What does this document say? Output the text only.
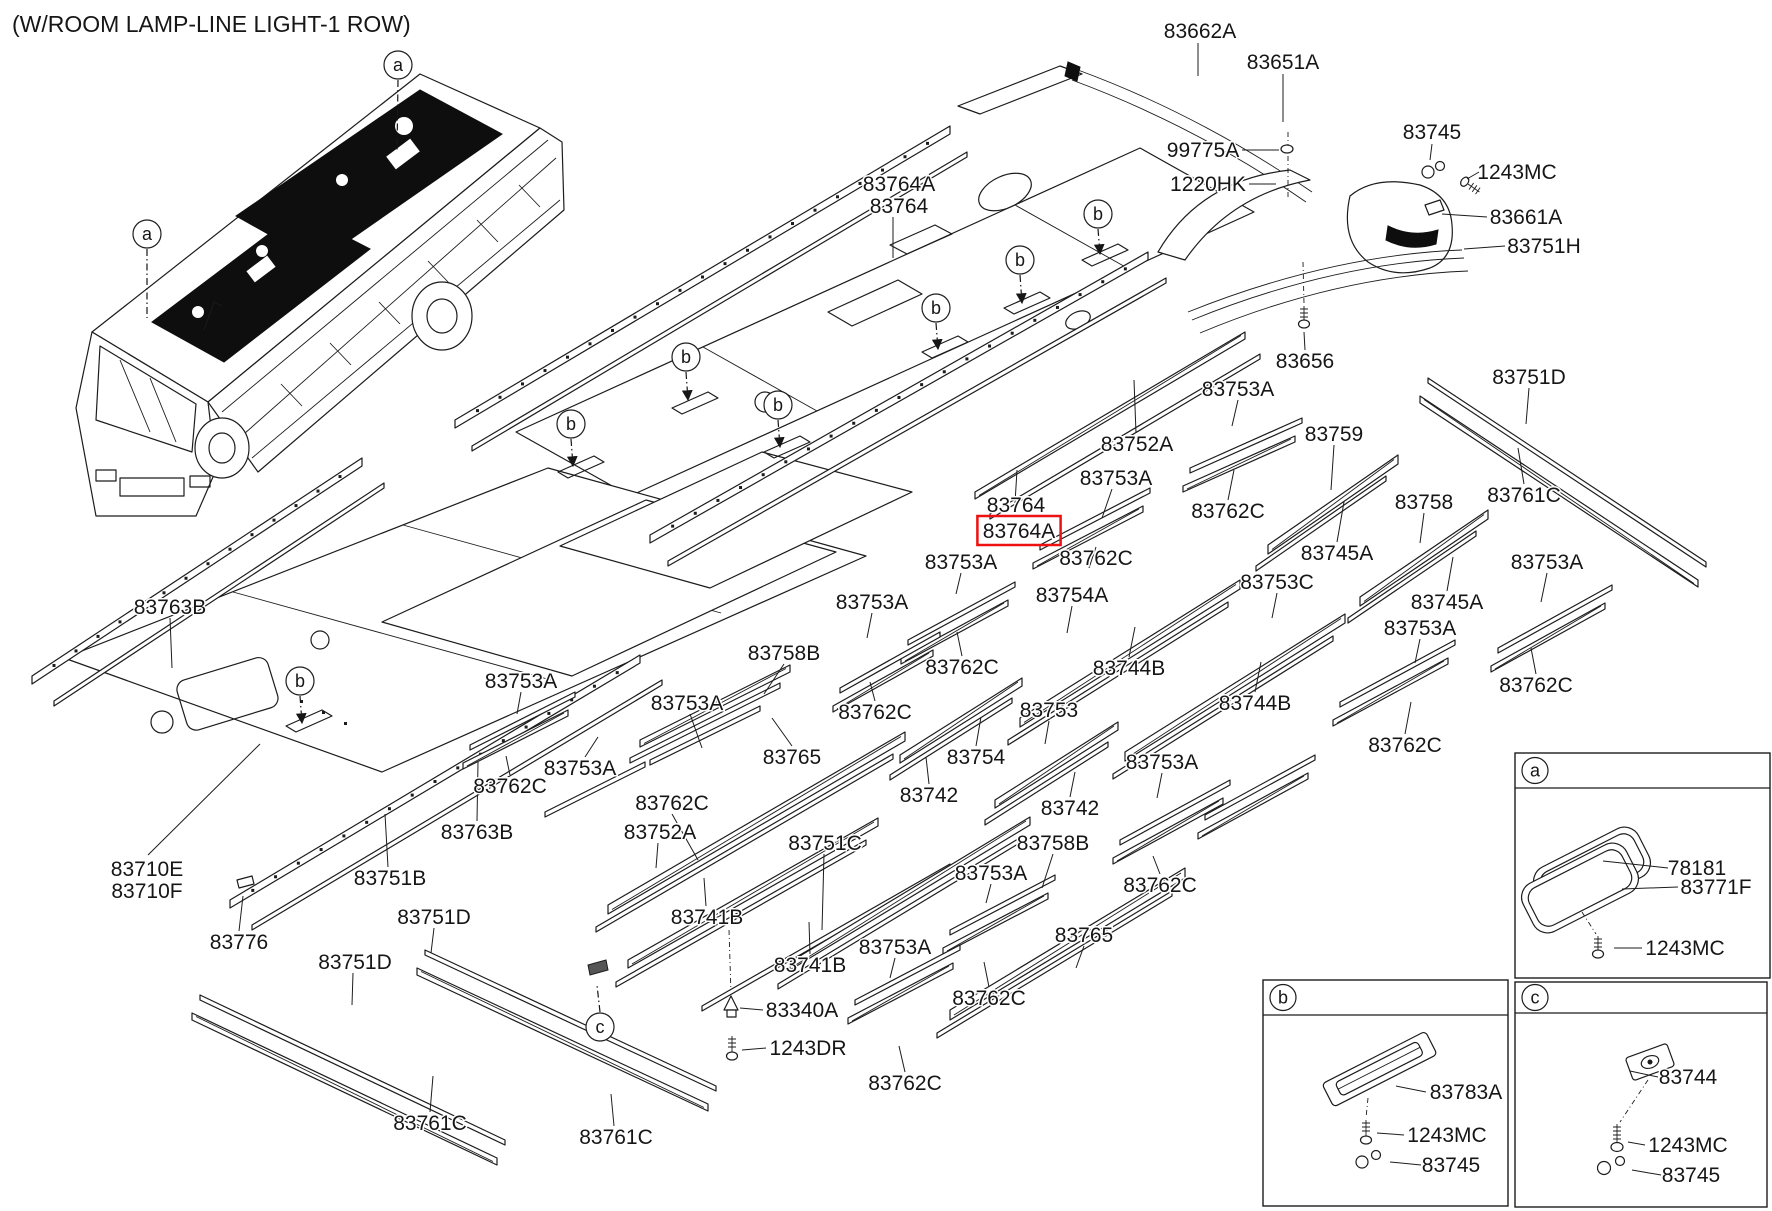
a
b	c
83662A
83651A
99775A
1220HK
83745
1243MC
83661A
83751H
83764A
83764
83656
83753A
83752A	83759
83751D
83761C
83758
83762C
83745A	83753A
83745A
83753C
83753A
83762C
83762C
83744B
83744B
83754A
83753
83754
83742
83742
83753A
83762C
83753A
83762C
83753A
83762C
83764
83764A
83753A
83762C
83758B
83765
83753A
83762C
83753A
83762C
83758B
83765
83753A
83753A
83753A
83762C
83762C
83752A	83751C
83741B
83741B
83340A
1243DR
83751B
83751D
83751D
83761C
83761C
83763B
83763B
83710E
83710F
83776
78181
83771F
1243MC
83783A
1243MC
83745
83744
1243MC
83745
a
a
b
b
b
b
b
b
b
c
(W/ROOM LAMP-LINE LIGHT-1 ROW)
